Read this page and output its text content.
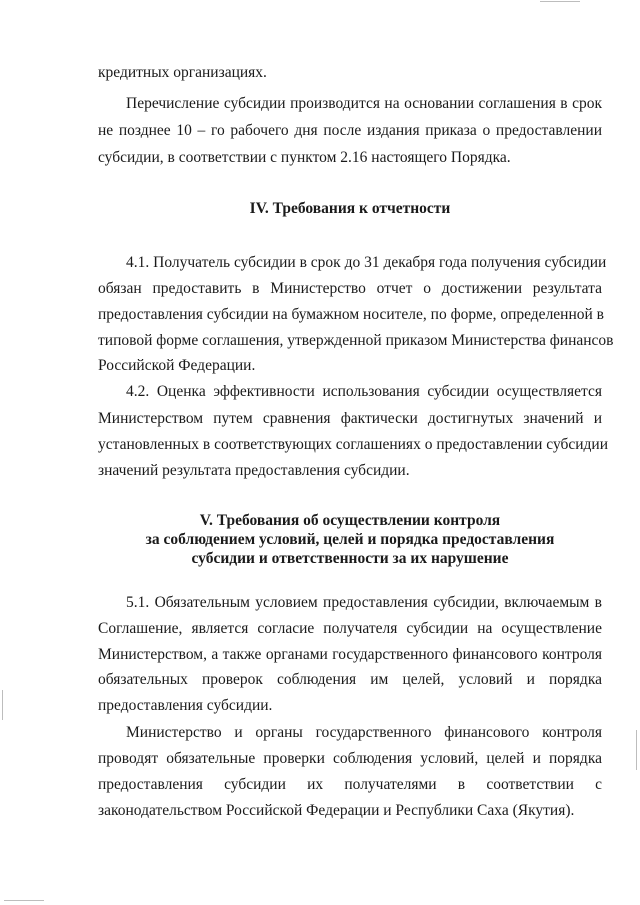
кредитных организациях.
Перечисление субсидии производится на основании соглашения в срок
не позднее 10 – го рабочего дня после издания приказа о предоставлении
субсидии, в соответствии с пунктом 2.16 настоящего Порядка.
IV. Требования к отчетности
4.1. Получатель субсидии в срок до 31 декабря года получения субсидии
обязан предоставить в Министерство отчет о достижении результата
предоставления субсидии на бумажном носителе, по форме, определенной в
типовой форме соглашения, утвержденной приказом Министерства финансов
Российской Федерации.
4.2. Оценка эффективности использования субсидии осуществляется
Министерством путем сравнения фактически достигнутых значений и
установленных в соответствующих соглашениях о предоставлении субсидии
значений результата предоставления субсидии.
V. Требования об осуществлении контроля
за соблюдением условий, целей и порядка предоставления
субсидии и ответственности за их нарушение
5.1. Обязательным условием предоставления субсидии, включаемым в
Соглашение, является согласие получателя субсидии на осуществление
Министерством, а также органами государственного финансового контроля
обязательных проверок соблюдения им целей, условий и порядка
предоставления субсидии.
Министерство и органы государственного финансового контроля
проводят обязательные проверки соблюдения условий, целей и порядка
предоставления субсидии их получателями в соответствии с
законодательством Российской Федерации и Республики Саха (Якутия).
